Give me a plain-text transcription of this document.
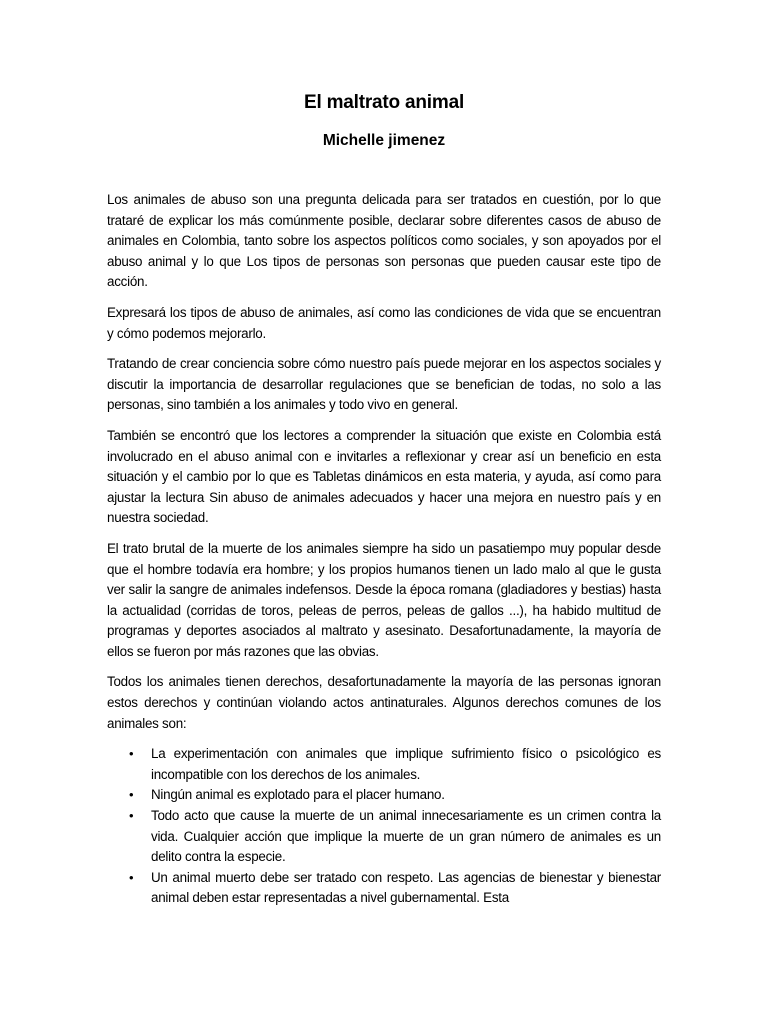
El maltrato animal
Michelle jimenez

Los animales de abuso son una pregunta delicada para ser tratados en cuestión, por lo que trataré de explicar los más comúnmente posible, declarar sobre diferentes casos de abuso de animales en Colombia, tanto sobre los aspectos políticos como sociales, y son apoyados por el abuso animal y lo que Los tipos de personas son personas que pueden causar este tipo de acción.

Expresará los tipos de abuso de animales, así como las condiciones de vida que se encuentran y cómo podemos mejorarlo.

Tratando de crear conciencia sobre cómo nuestro país puede mejorar en los aspectos sociales y discutir la importancia de desarrollar regulaciones que se benefician de todas, no solo a las personas, sino también a los animales y todo vivo en general.

También se encontró que los lectores a comprender la situación que existe en Colombia está involucrado en el abuso animal con e invitarles a reflexionar y crear así un beneficio en esta situación y el cambio por lo que es Tabletas dinámicos en esta materia, y ayuda, así como para ajustar la lectura Sin abuso de animales adecuados y hacer una mejora en nuestro país y en nuestra sociedad.

El trato brutal de la muerte de los animales siempre ha sido un pasatiempo muy popular desde que el hombre todavía era hombre; y los propios humanos tienen un lado malo al que le gusta ver salir la sangre de animales indefensos. Desde la época romana (gladiadores y bestias) hasta la actualidad (corridas de toros, peleas de perros, peleas de gallos ...), ha habido multitud de programas y deportes asociados al maltrato y asesinato. Desafortunadamente, la mayoría de ellos se fueron por más razones que las obvias.

Todos los animales tienen derechos, desafortunadamente la mayoría de las personas ignoran estos derechos y continúan violando actos antinaturales. Algunos derechos comunes de los animales son:

• La experimentación con animales que implique sufrimiento físico o psicológico es incompatible con los derechos de los animales.
• Ningún animal es explotado para el placer humano.
• Todo acto que cause la muerte de un animal innecesariamente es un crimen contra la vida. Cualquier acción que implique la muerte de un gran número de animales es un delito contra la especie.
• Un animal muerto debe ser tratado con respeto. Las agencias de bienestar y bienestar animal deben estar representadas a nivel gubernamental. Esta
